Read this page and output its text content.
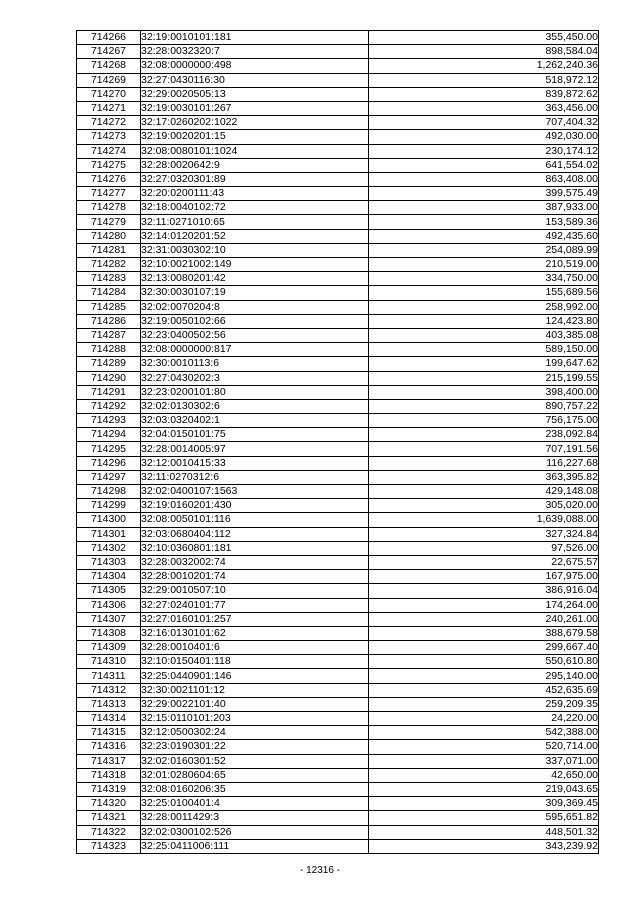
714266	32:19:0010101:181	355,450.00
714267	32:28:0032320:7	898,584.04
714268	32:08:0000000:498	1,262,240.36
714269	32:27:0430116:30	518,972.12
714270	32:29:0020505:13	839,872.62
714271	32:19:0030101:267	363,456.00
714272	32:17:0260202:1022	707,404.32
714273	32:19:0020201:15	492,030.00
714274	32:08:0080101:1024	230,174.12
714275	32:28:0020642:9	641,554.02
714276	32:27:0320301:89	863,408.00
714277	32:20:0200111:43	399,575.49
714278	32:18:0040102:72	387,933.00
714279	32:11:0271010:65	153,589.36
714280	32:14:0120201:52	492,435.60
714281	32:31:0030302:10	254,089.99
714282	32:10:0021002:149	210,519.00
714283	32:13:0080201:42	334,750.00
714284	32:30:0030107:19	155,689.56
714285	32:02:0070204:8	258,992.00
714286	32:19:0050102:66	124,423.80
714287	32:23:0400502:56	403,385.08
714288	32:08:0000000:817	589,150.00
714289	32:30:0010113:6	199,647.62
714290	32:27:0430202:3	215,199.55
714291	32:23:0200101:80	398,400.00
714292	32:02:0130302:6	890,757.22
714293	32:03:0320402:1	756,175.00
714294	32:04:0150101:75	238,092.84
714295	32:28:0014005:97	707,191.56
714296	32:12:0010415:33	116,227.68
714297	32:11:0270312:6	363,395.82
714298	32:02:0400107:1563	429,148.08
714299	32:19:0160201:430	305,020.00
714300	32:08:0050101:116	1,639,088.00
714301	32:03:0680404:112	327,324.84
714302	32:10:0360801:181	97,526.00
714303	32:28:0032002:74	22,675.57
714304	32:28:0010201:74	167,975.00
714305	32:29:0010507:10	386,916.04
714306	32:27:0240101:77	174,264.00
714307	32:27:0160101:257	240,261.00
714308	32:16:0130101:62	388,679.58
714309	32:28:0010401:6	299,667.40
714310	32:10:0150401:118	550,610.80
714311	32:25:0440901:146	295,140.00
714312	32:30:0021101:12	452,635.69
714313	32:29:0022101:40	259,209.35
714314	32:15:0110101:203	24,220.00
714315	32:12:0500302:24	542,388.00
714316	32:23:0190301:22	520,714.00
714317	32:02:0160301:52	337,071.00
714318	32:01:0280604:65	42,650.00
714319	32:08:0160206:35	219,043.65
714320	32:25:0100401:4	309,369.45
714321	32:28:0011429:3	595,651.82
714322	32:02:0300102:526	448,501.32
714323	32:25:0411006:111	343,239.92
- 12316 -
